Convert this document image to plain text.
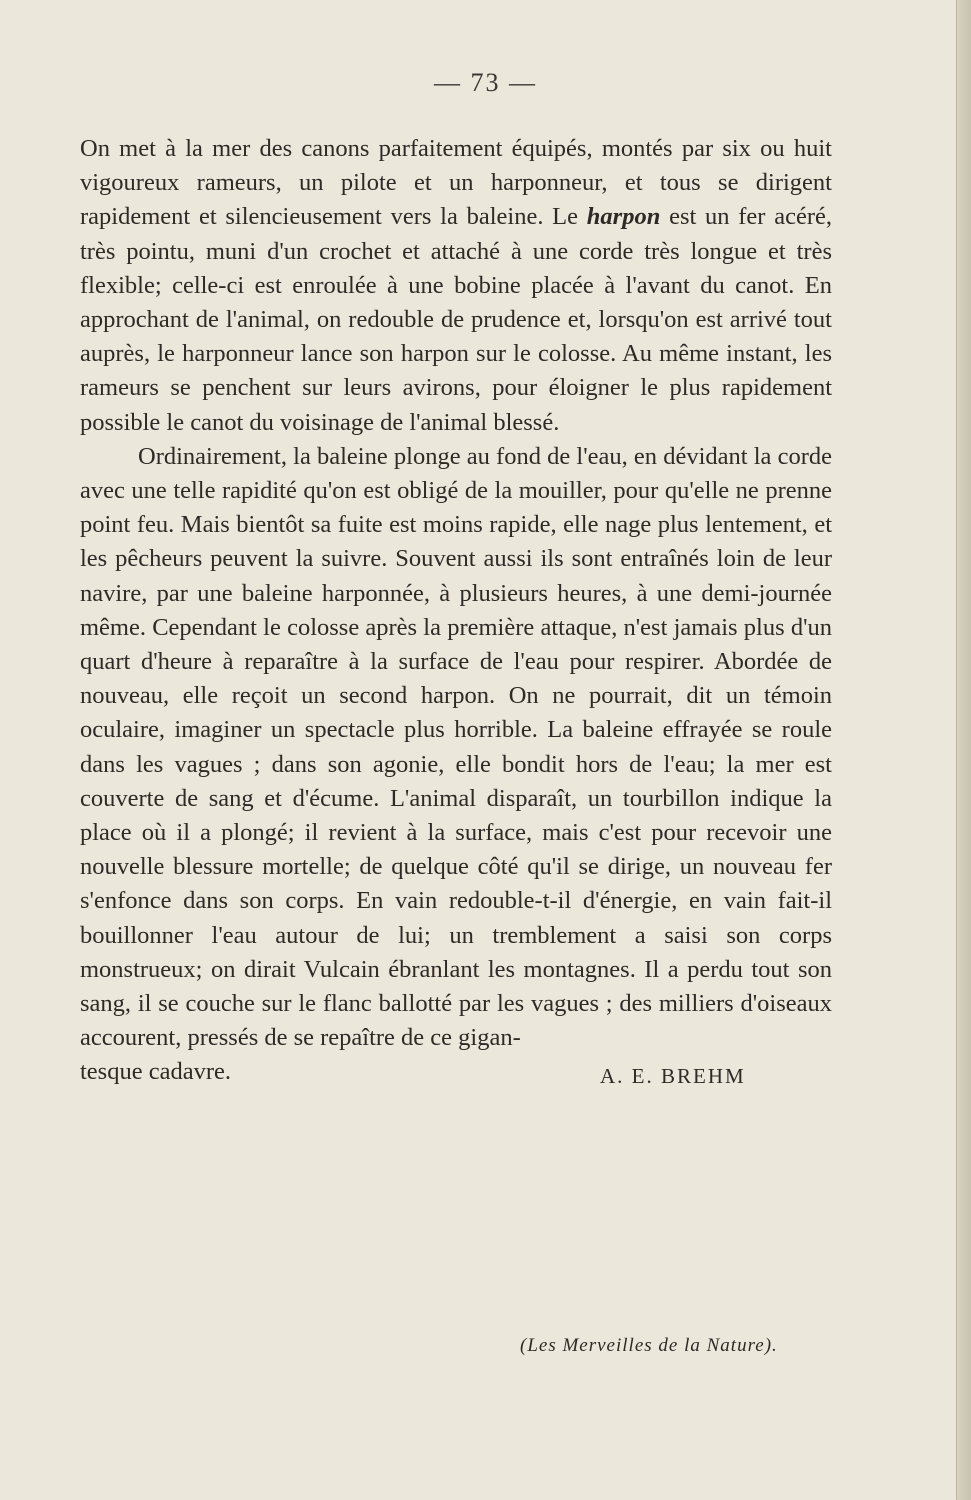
— 73 —

On met à la mer des canons parfaitement équipés, montés par six ou huit vigoureux rameurs, un pilote et un harponneur, et tous se dirigent rapidement et silencieusement vers la baleine. Le harpon est un fer acéré, très pointu, muni d'un crochet et attaché à une corde très longue et très flexible; celle-ci est enroulée à une bobine placée à l'avant du canot. En approchant de l'animal, on redouble de prudence et, lorsqu'on est arrivé tout auprès, le harponneur lance son harpon sur le colosse. Au même instant, les rameurs se penchent sur leurs avirons, pour éloigner le plus rapidement possible le canot du voisinage de l'animal blessé.

Ordinairement, la baleine plonge au fond de l'eau, en dévidant la corde avec une telle rapidité qu'on est obligé de la mouiller, pour qu'elle ne prenne point feu. Mais bientôt sa fuite est moins rapide, elle nage plus lentement, et les pêcheurs peuvent la suivre. Souvent aussi ils sont entraînés loin de leur navire, par une baleine harponnée, à plusieurs heures, à une demi-journée même. Cependant le colosse après la première attaque, n'est jamais plus d'un quart d'heure à reparaître à la surface de l'eau pour respirer. Abordée de nouveau, elle reçoit un second harpon. On ne pourrait, dit un témoin oculaire, imaginer un spectacle plus horrible. La baleine effrayée se roule dans les vagues ; dans son agonie, elle bondit hors de l'eau; la mer est couverte de sang et d'écume. L'animal disparaît, un tourbillon indique la place où il a plongé; il revient à la surface, mais c'est pour recevoir une nouvelle blessure mortelle; de quelque côté qu'il se dirige, un nouveau fer s'enfonce dans son corps. En vain redouble-t-il d'énergie, en vain fait-il bouillonner l'eau autour de lui; un tremblement a saisi son corps monstrueux; on dirait Vulcain ébranlant les montagnes. Il a perdu tout son sang, il se couche sur le flanc ballotté par les vagues ; des milliers d'oiseaux accourent, pressés de se repaître de ce gigan-

tesque cadavre.	A. E. BREHM
(Les Merveilles de la Nature).
